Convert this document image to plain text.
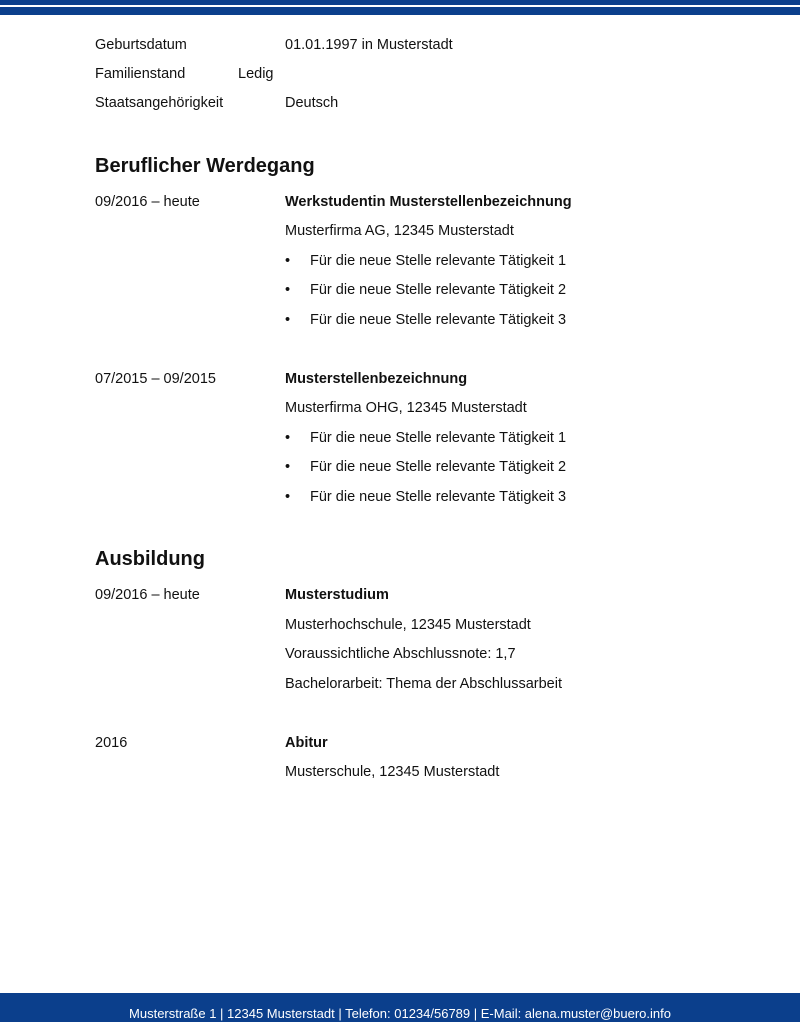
Geburtsdatum	01.01.1997 in Musterstadt
Familienstand	Ledig
Staatsangehörigkeit	Deutsch
Beruflicher Werdegang
09/2016 – heute	Werkstudentin Musterstellenbezeichnung
Musterfirma AG, 12345 Musterstadt
• Für die neue Stelle relevante Tätigkeit 1
• Für die neue Stelle relevante Tätigkeit 2
• Für die neue Stelle relevante Tätigkeit 3
07/2015 – 09/2015	Musterstellenbezeichnung
Musterfirma OHG, 12345 Musterstadt
• Für die neue Stelle relevante Tätigkeit 1
• Für die neue Stelle relevante Tätigkeit 2
• Für die neue Stelle relevante Tätigkeit 3
Ausbildung
09/2016 – heute	Musterstudium
Musterhochschule, 12345 Musterstadt
Voraussichtliche Abschlussnote: 1,7
Bachelorarbeit: Thema der Abschlussarbeit
2016	Abitur
Musterschule, 12345 Musterstadt
Musterstraße 1 | 12345 Musterstadt | Telefon: 01234/56789 | E-Mail: alena.muster@buero.info
